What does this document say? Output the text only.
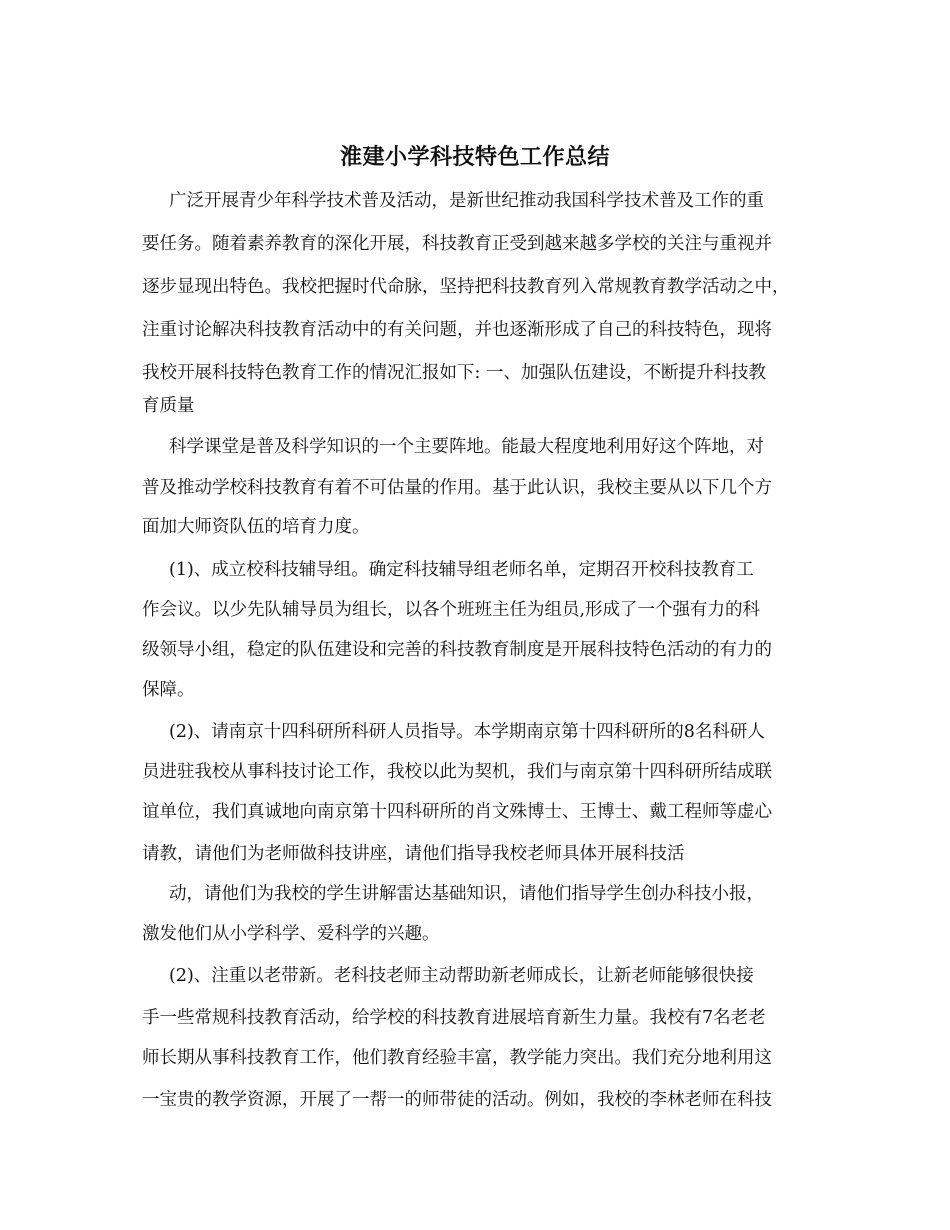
淮建小学科技特色工作总结
广泛开展青少年科学技术普及活动，是新世纪推动我国科学技术普及工作的重
要任务。随着素养教育的深化开展，科技教育正受到越来越多学校的关注与重视并
逐步显现出特色。我校把握时代命脉，坚持把科技教育列入常规教育教学活动之中，
注重讨论解决科技教育活动中的有关问题，并也逐渐形成了自己的科技特色，现将
我校开展科技特色教育工作的情况汇报如下: 一、加强队伍建设，不断提升科技教
育质量
科学课堂是普及科学知识的一个主要阵地。能最大程度地利用好这个阵地，对
普及推动学校科技教育有着不可估量的作用。基于此认识，我校主要从以下几个方
面加大师资队伍的培育力度。
(1)、成立校科技辅导组。确定科技辅导组老师名单，定期召开校科技教育工
作会议。以少先队辅导员为组长，以各个班班主任为组员,形成了一个强有力的科
级领导小组，稳定的队伍建设和完善的科技教育制度是开展科技特色活动的有力的
保障。
(2)、请南京十四科研所科研人员指导。本学期南京第十四科研所的8名科研人
员进驻我校从事科技讨论工作，我校以此为契机，我们与南京第十四科研所结成联
谊单位，我们真诚地向南京第十四科研所的肖文殊博士、王博士、戴工程师等虚心
请教，请他们为老师做科技讲座，请他们指导我校老师具体开展科技活
动，请他们为我校的学生讲解雷达基础知识，请他们指导学生创办科技小报，
激发他们从小学科学、爱科学的兴趣。
(2)、注重以老带新。老科技老师主动帮助新老师成长，让新老师能够很快接
手一些常规科技教育活动，给学校的科技教育进展培育新生力量。我校有7名老老
师长期从事科技教育工作，他们教育经验丰富，教学能力突出。我们充分地利用这
一宝贵的教学资源，开展了一帮一的师带徒的活动。例如，我校的李林老师在科技
